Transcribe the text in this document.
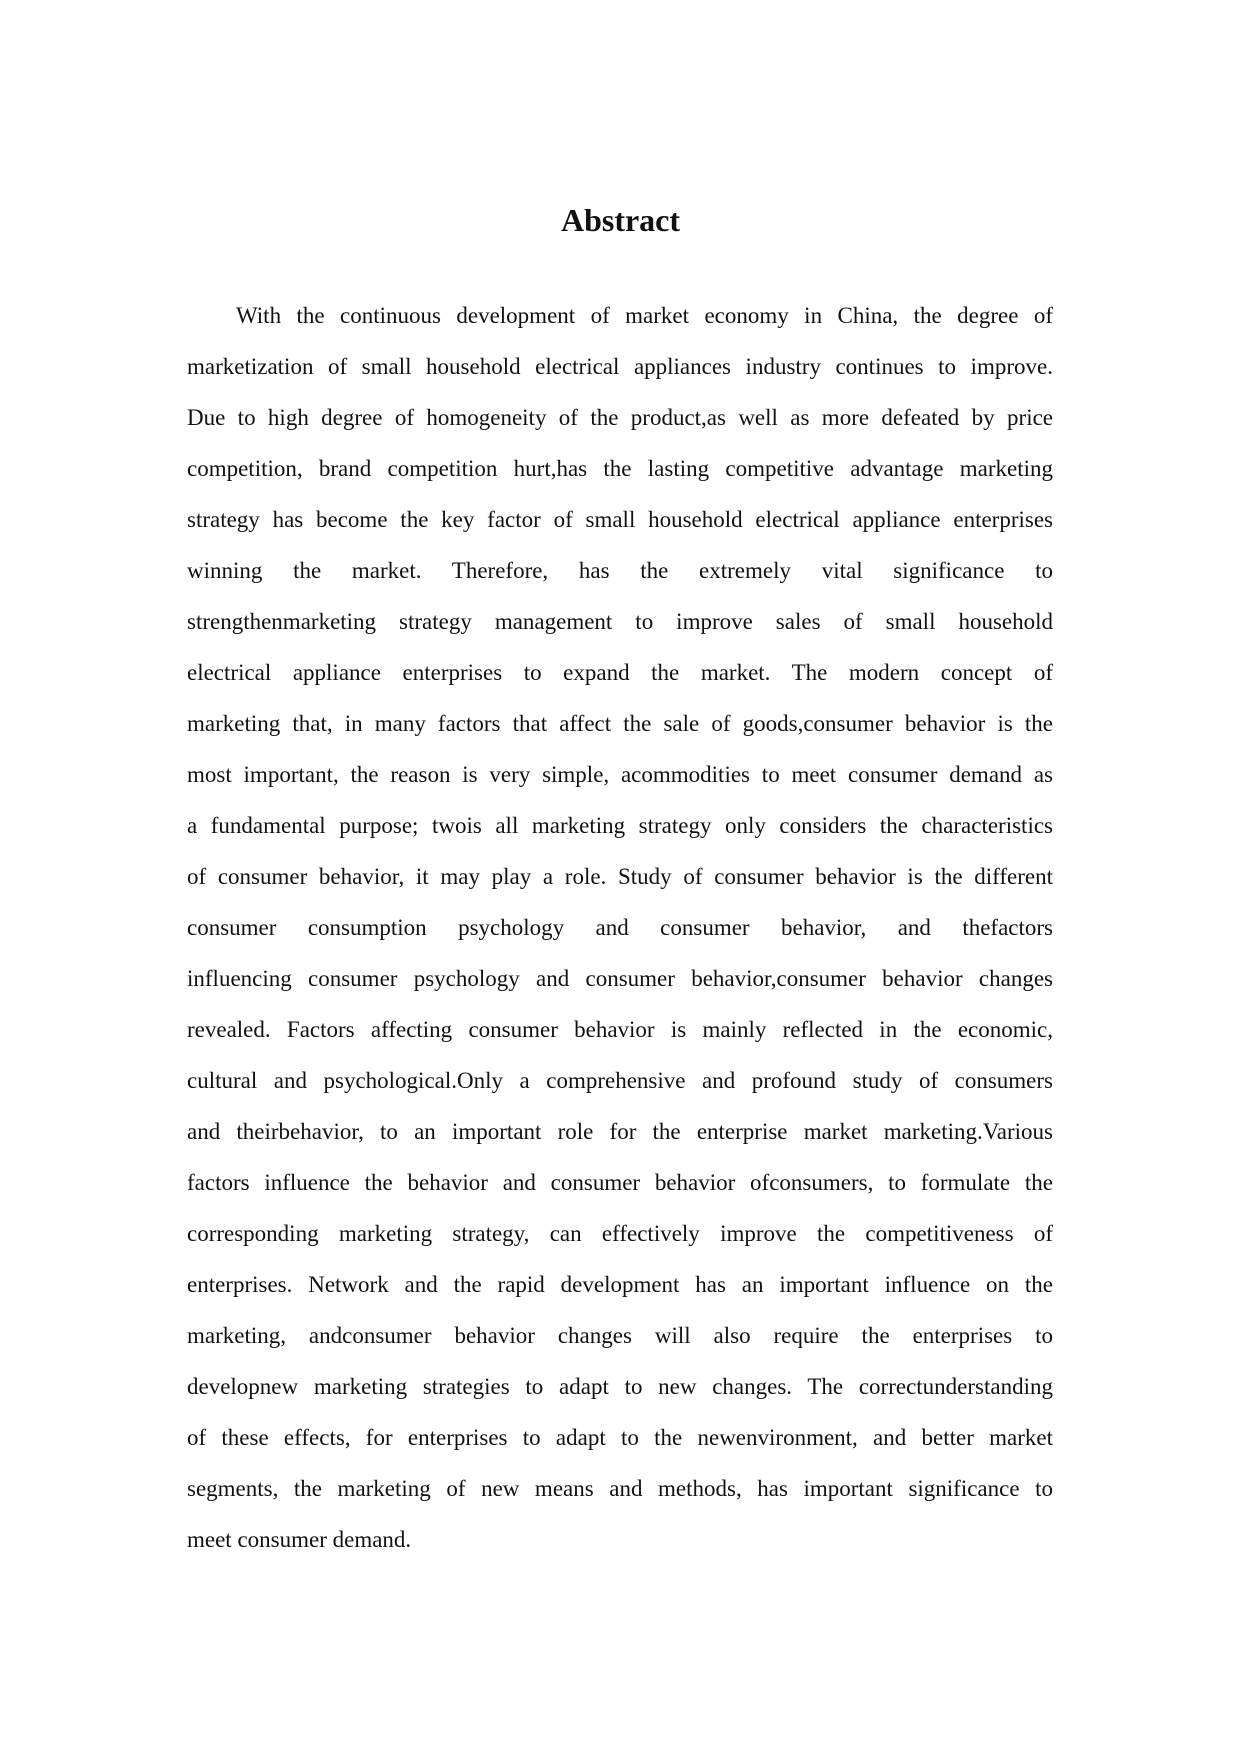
Abstract
With the continuous development of market economy in China, the degree of
marketization of small household electrical appliances industry continues to improve.
Due to high degree of homogeneity of the product,as well as more defeated by price
competition, brand competition hurt,has the lasting competitive advantage marketing
strategy has become the key factor of small household electrical appliance enterprises
winning the market. Therefore, has the extremely vital significance to
strengthenmarketing strategy management to improve sales of small household
electrical appliance enterprises to expand the market. The modern concept of
marketing that, in many factors that affect the sale of goods,consumer behavior is the
most important, the reason is very simple, acommodities to meet consumer demand as
a fundamental purpose; twois all marketing strategy only considers the characteristics
of consumer behavior, it may play a role. Study of consumer behavior is the different
consumer consumption psychology and consumer behavior, and thefactors
influencing consumer psychology and consumer behavior,consumer behavior changes
revealed. Factors affecting consumer behavior is mainly reflected in the economic,
cultural and psychological.Only a comprehensive and profound study of consumers
and theirbehavior, to an important role for the enterprise market marketing.Various
factors influence the behavior and consumer behavior ofconsumers, to formulate the
corresponding marketing strategy, can effectively improve the competitiveness of
enterprises. Network and the rapid development has an important influence on the
marketing, andconsumer behavior changes will also require the enterprises to
developnew marketing strategies to adapt to new changes. The correctunderstanding
of these effects, for enterprises to adapt to the newenvironment, and better market
segments, the marketing of new means and methods, has important significance to
meet consumer demand.
